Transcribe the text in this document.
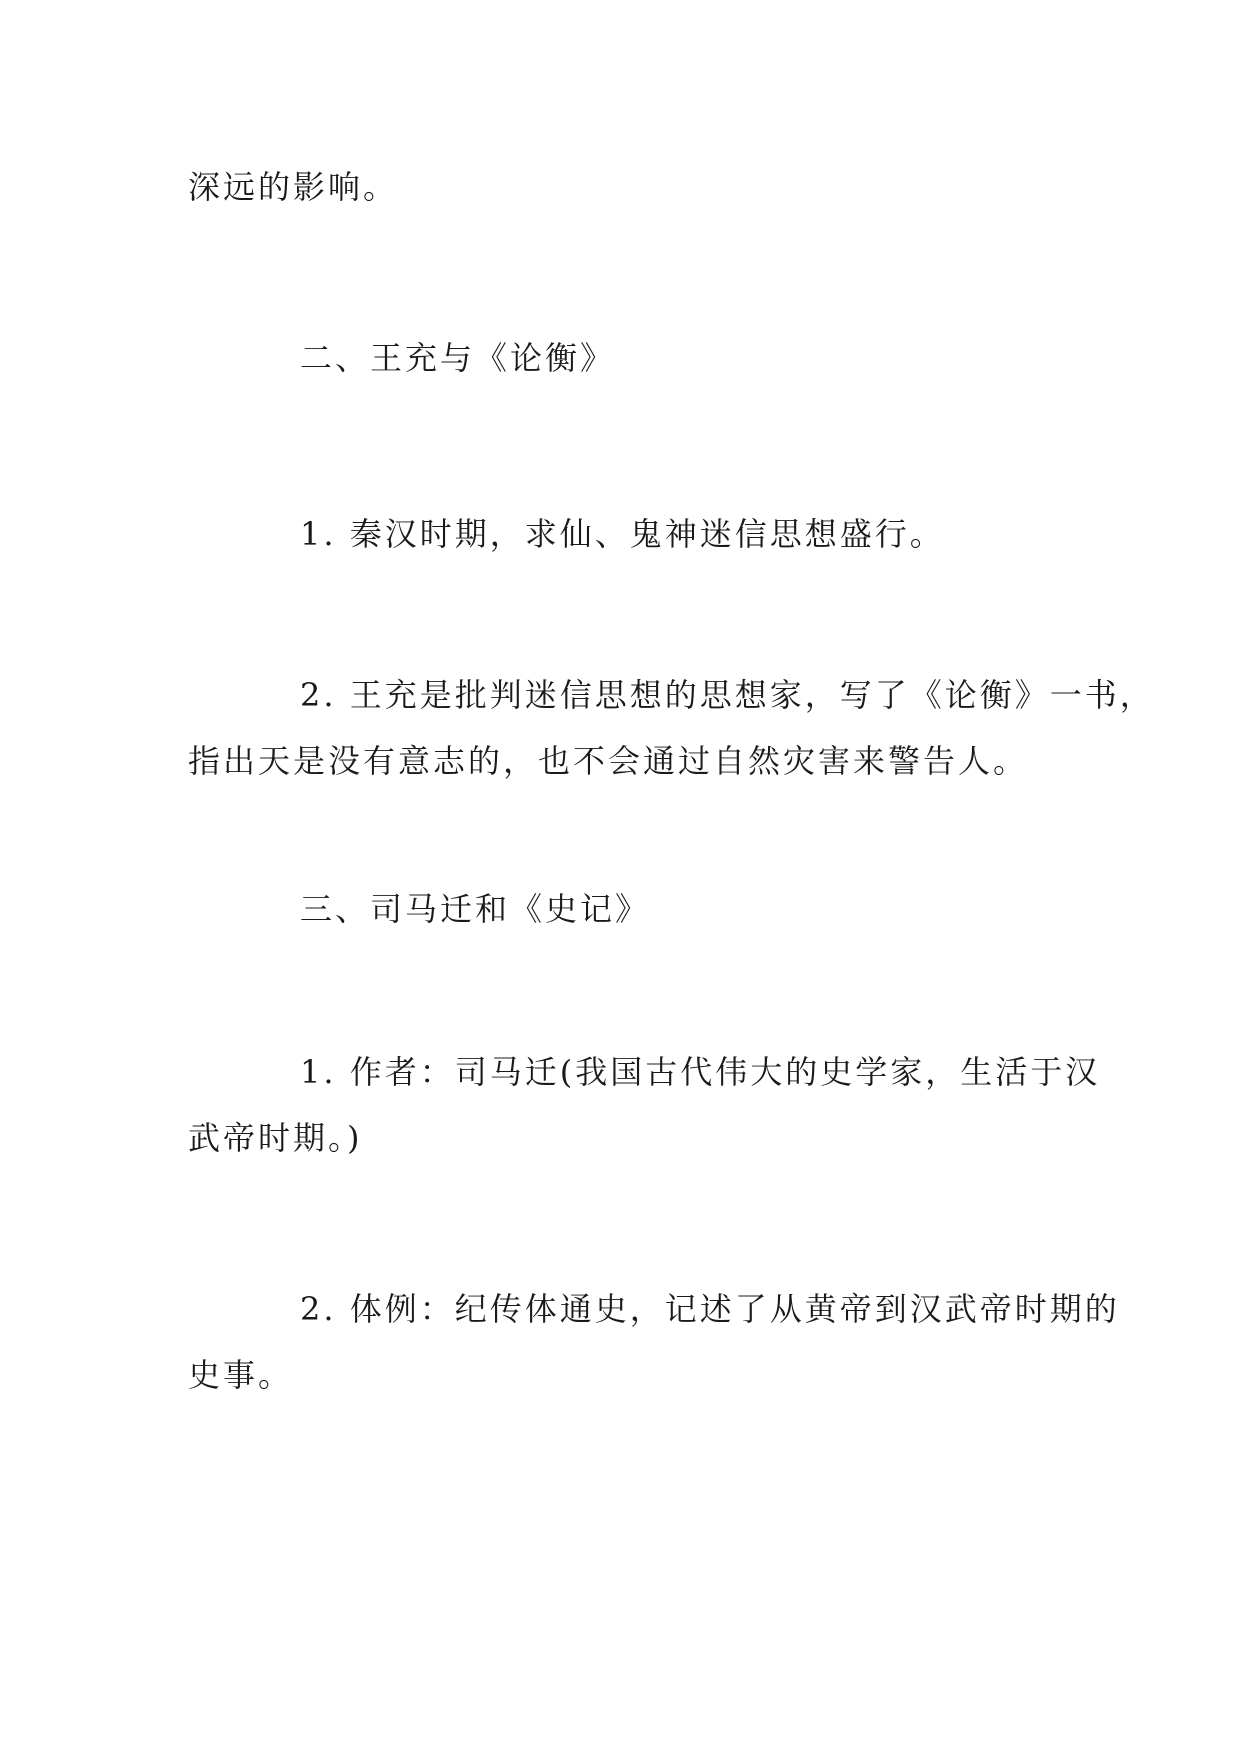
深远的影响。

二、王充与《论衡》

1. 秦汉时期，求仙、鬼神迷信思想盛行。

2. 王充是批判迷信思想的思想家，写了《论衡》一书，
指出天是没有意志的，也不会通过自然灾害来警告人。

三、司马迁和《史记》

1. 作者：司马迁(我国古代伟大的史学家，生活于汉
武帝时期。)

2. 体例：纪传体通史，记述了从黄帝到汉武帝时期的
史事。
